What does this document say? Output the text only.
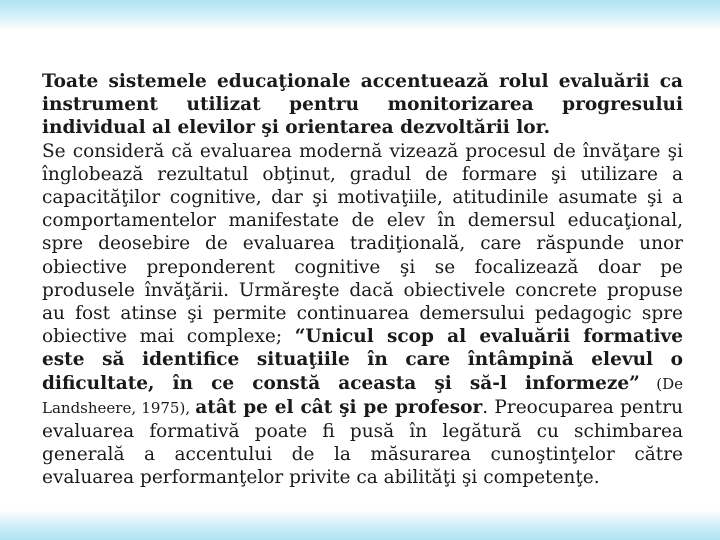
Toate sistemele educaţionale accentuează rolul evaluării ca instrument utilizat pentru monitorizarea progresului individual al elevilor şi orientarea dezvoltării lor.

Se consideră că evaluarea modernă vizează procesul de învăţare şi înglobează rezultatul obţinut, gradul de formare şi utilizare a capacităţilor cognitive, dar şi motivaţiile, atitudinile asumate şi a comportamentelor manifestate de elev în demersul educaţional, spre deosebire de evaluarea tradiţională, care răspunde unor obiective preponderent cognitive şi se focalizează doar pe produsele învăţării. Urmăreşte dacă obiectivele concrete propuse au fost atinse şi permite continuarea demersului pedagogic spre obiective mai complexe; “Unicul scop al evaluării formative este să identifice situaţiile în care întâmpină elevul o dificultate, în ce constă aceasta şi să-l informeze” (De Landsheere, 1975), atât pe el cât şi pe profesor. Preocuparea pentru evaluarea formativă poate fi pusă în legătură cu schimbarea generală a accentului de la măsurarea cunoştinţelor către evaluarea performanţelor privite ca abilităţi şi competenţe.
